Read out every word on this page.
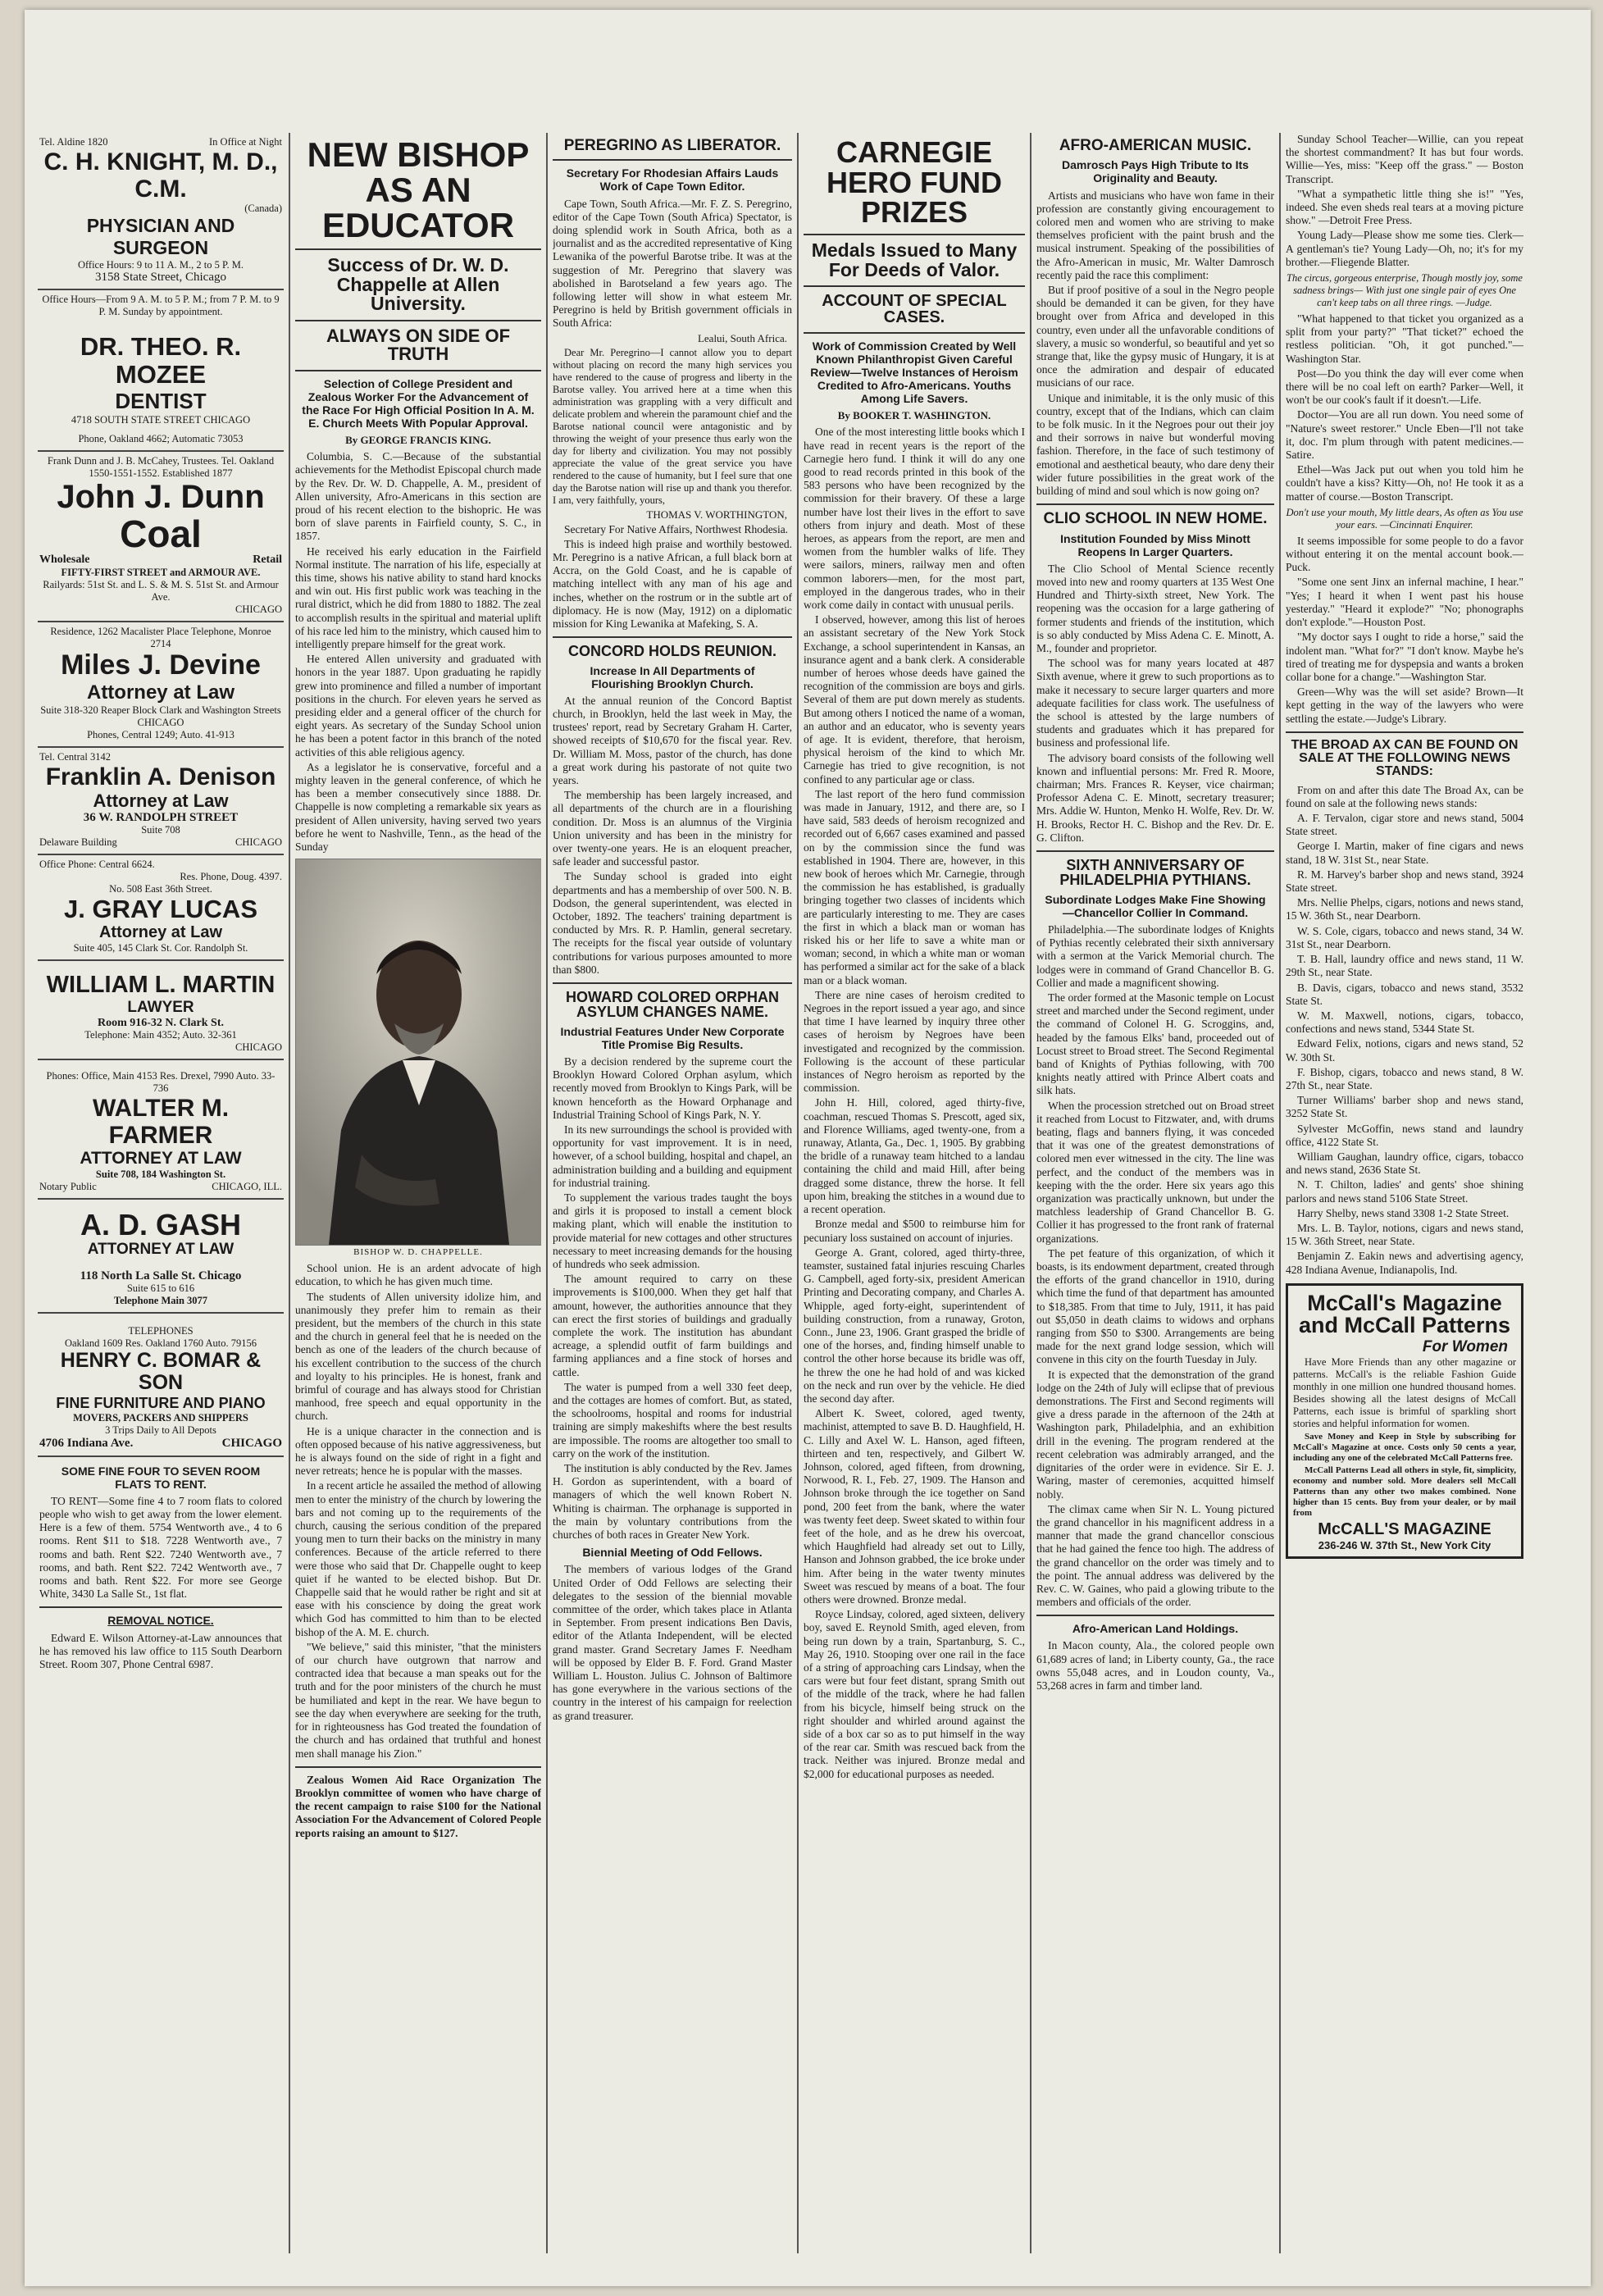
Tel. Aldine 1820	In Office at Night
C. H. KNIGHT, M. D., C.M.
(Canada)
PHYSICIAN AND SURGEON
Office Hours: 9 to 11 A. M., 2 to 5 P. M.
3158 State Street, Chicago
Office Hours—From 9 A. M. to 5 P. M.; from 7 P. M. to 9 P. M. Sunday by appointment.
DR. THEO. R. MOZEE
DENTIST
4718 SOUTH STATE STREET CHICAGO
Phone, Oakland 4662; Automatic 73053
Frank Dunn and J. B. McCahey, Trustees. Tel. Oakland 1550-1551-1552. Established 1877
John J. Dunn
Coal
Wholesale	Retail
FIFTY-FIRST STREET and ARMOUR AVE.
Railyards: 51st St. and L. S. & M. S. 51st St. and Armour Ave.
CHICAGO
Residence, 1262 Macalister Place Telephone, Monroe 2714
Miles J. Devine
Attorney at Law
Suite 318-320 Reaper Block Clark and Washington Streets CHICAGO
Phones, Central 1249; Auto. 41-913
Tel. Central 3142
Franklin A. Denison
Attorney at Law
36 W. RANDOLPH STREET
Suite 708
Delaware Building	CHICAGO
Office Phone: Central 6624.
Res. Phone, Doug. 4397.
No. 508 East 36th Street.
J. GRAY LUCAS
Attorney at Law
Suite 405, 145 Clark St. Cor. Randolph St.
WILLIAM L. MARTIN
LAWYER
Room 916-32 N. Clark St.
Telephone: Main 4352; Auto. 32-361
CHICAGO
Phones: Office, Main 4153 Res. Drexel, 7990 Auto. 33-736
WALTER M. FARMER
ATTORNEY AT LAW
Suite 708, 184 Washington St.
Notary Public	CHICAGO, ILL.
A. D. GASH
ATTORNEY AT LAW
118 North La Salle St. Chicago
Suite 615 to 616
Telephone Main 3077
TELEPHONES
Oakland 1609 Res. Oakland 1760 Auto. 79156
HENRY C. BOMAR & SON
FINE FURNITURE AND PIANO
MOVERS, PACKERS AND SHIPPERS
3 Trips Daily to All Depots
4706 Indiana Ave.	CHICAGO
SOME FINE FOUR TO SEVEN ROOM FLATS TO RENT.

TO RENT—Some fine 4 to 7 room flats to colored people who wish to get away from the lower element. Here is a few of them. 5754 Wentworth ave., 4 to 6 rooms. Rent $11 to $18. 7228 Wentworth ave., 7 rooms and bath. Rent $22. 7240 Wentworth ave., 7 rooms, and bath. Rent $22. 7242 Wentworth ave., 7 rooms and bath. Rent $22. For more see George White, 3430 La Salle St., 1st flat.

REMOVAL NOTICE.

Edward E. Wilson Attorney-at-Law announces that he has removed his law office to 115 South Dearborn Street. Room 307, Phone Central 6987.

NEW BISHOP AS AN EDUCATOR
Success of Dr. W. D. Chappelle at Allen University.
ALWAYS ON SIDE OF TRUTH
Selection of College President and Zealous Worker For the Advancement of the Race For High Official Position In A. M. E. Church Meets With Popular Approval.
By GEORGE FRANCIS KING.

Columbia, S. C.—Because of the substantial achievements for the Methodist Episcopal church made by the Rev. Dr. W. D. Chappelle, A. M., president of Allen university, Afro-Americans in this section are proud of his recent election to the bishopric. He was born of slave parents in Fairfield county, S. C., in 1857.

He received his early education in the Fairfield Normal institute. The narration of his life, especially at this time, shows his native ability to stand hard knocks and win out. His first public work was teaching in the rural district, which he did from 1880 to 1882. The zeal to accomplish results in the spiritual and material uplift of his race led him to the ministry, which caused him to intelligently prepare himself for the great work.

He entered Allen university and graduated with honors in the year 1887. Upon graduating he rapidly grew into prominence and filled a number of important positions in the church. For eleven years he served as presiding elder and a general officer of the church for eight years. As secretary of the Sunday School union he has been a potent factor in this branch of the noted activities of this able religious agency.

As a legislator he is conservative, forceful and a mighty leaven in the general conference, of which he has been a member consecutively since 1888. Dr. Chappelle is now completing a remarkable six years as president of Allen university, having served two years before he went to Nashville, Tenn., as the head of the Sunday

BISHOP W. D. CHAPPELLE.

School union. He is an ardent advocate of high education, to which he has given much time.

The students of Allen university idolize him, and unanimously they prefer him to remain as their president, but the members of the church in this state and the church in general feel that he is needed on the bench as one of the leaders of the church because of his excellent contribution to the success of the church and loyalty to his principles. He is honest, frank and brimful of courage and has always stood for Christian manhood, free speech and equal opportunity in the church.

He is a unique character in the connection and is often opposed because of his native aggressiveness, but he is always found on the side of right in a fight and never retreats; hence he is popular with the masses.

In a recent article he assailed the method of allowing men to enter the ministry of the church by lowering the bars and not coming up to the requirements of the church, causing the serious condition of the prepared young men to turn their backs on the ministry in many conferences. Because of the article referred to there were those who said that Dr. Chappelle ought to keep quiet if he wanted to be elected bishop. But Dr. Chappelle said that he would rather be right and sit at ease with his conscience by doing the great work which God has committed to him than to be elected bishop of the A. M. E. church.

"We believe," said this minister, "that the ministers of our church have outgrown that narrow and contracted idea that because a man speaks out for the truth and for the poor ministers of the church he must be humiliated and kept in the rear. We have begun to see the day when everywhere are seeking for the truth, for in righteousness has God treated the foundation of the church and has ordained that truthful and honest men shall manage his Zion."

Zealous Women Aid Race Organization The Brooklyn committee of women who have charge of the recent campaign to raise $100 for the National Association For the Advancement of Colored People reports raising an amount to $127.

PEREGRINO AS LIBERATOR.
Secretary For Rhodesian Affairs Lauds Work of Cape Town Editor.

Cape Town, South Africa.—Mr. F. Z. S. Peregrino, editor of the Cape Town (South Africa) Spectator, is doing splendid work in South Africa, both as a journalist and as the accredited representative of King Lewanika of the powerful Barotse tribe. It was at the suggestion of Mr. Peregrino that slavery was abolished in Barotseland a few years ago. The following letter will show in what esteem Mr. Peregrino is held by British government officials in South Africa:

Lealui, South Africa.

Dear Mr. Peregrino—I cannot allow you to depart without placing on record the many high services you have rendered to the cause of progress and liberty in the Barotse valley. You arrived here at a time when this administration was grappling with a very difficult and delicate problem and wherein the paramount chief and the Barotse national council were antagonistic and by throwing the weight of your presence thus early won the day for liberty and civilization. You may not possibly appreciate the value of the great service you have rendered to the cause of humanity, but I feel sure that one day the Barotse nation will rise up and thank you therefor. I am, very faithfully, yours,

THOMAS V. WORTHINGTON,

Secretary For Native Affairs, Northwest Rhodesia.

This is indeed high praise and worthily bestowed. Mr. Peregrino is a native African, a full black born at Accra, on the Gold Coast, and he is capable of matching intellect with any man of his age and inches, whether on the rostrum or in the subtle art of diplomacy. He is now (May, 1912) on a diplomatic mission for King Lewanika at Mafeking, S. A.

CONCORD HOLDS REUNION.
Increase In All Departments of Flourishing Brooklyn Church.

At the annual reunion of the Concord Baptist church, in Brooklyn, held the last week in May, the trustees' report, read by Secretary Graham H. Carter, showed receipts of $10,670 for the fiscal year. Rev. Dr. William M. Moss, pastor of the church, has done a great work during his pastorate of not quite two years.

The membership has been largely increased, and all departments of the church are in a flourishing condition. Dr. Moss is an alumnus of the Virginia Union university and has been in the ministry for over twenty-one years. He is an eloquent preacher, safe leader and successful pastor.

The Sunday school is graded into eight departments and has a membership of over 500. N. B. Dodson, the general superintendent, was elected in October, 1892. The teachers' training department is conducted by Mrs. R. P. Hamlin, general secretary. The receipts for the fiscal year outside of voluntary contributions for various purposes amounted to more than $800.

HOWARD COLORED ORPHAN ASYLUM CHANGES NAME.
Industrial Features Under New Corporate Title Promise Big Results.

By a decision rendered by the supreme court the Brooklyn Howard Colored Orphan asylum, which recently moved from Brooklyn to Kings Park, will be known henceforth as the Howard Orphanage and Industrial Training School of Kings Park, N. Y.

In its new surroundings the school is provided with opportunity for vast improvement. It is in need, however, of a school building, hospital and chapel, an administration building and a building and equipment for industrial training.

To supplement the various trades taught the boys and girls it is proposed to install a cement block making plant, which will enable the institution to provide material for new cottages and other structures necessary to meet increasing demands for the housing of hundreds who seek admission.

The amount required to carry on these improvements is $100,000. When they get half that amount, however, the authorities announce that they can erect the first stories of buildings and gradually complete the work. The institution has abundant acreage, a splendid outfit of farm buildings and farming appliances and a fine stock of horses and cattle.

The water is pumped from a well 330 feet deep, and the cottages are homes of comfort. But, as stated, the schoolrooms, hospital and rooms for industrial training are simply makeshifts where the best results are impossible. The rooms are altogether too small to carry on the work of the institution.

The institution is ably conducted by the Rev. James H. Gordon as superintendent, with a board of managers of which the well known Robert N. Whiting is chairman. The orphanage is supported in the main by voluntary contributions from the churches of both races in Greater New York.

Biennial Meeting of Odd Fellows.

The members of various lodges of the Grand United Order of Odd Fellows are selecting their delegates to the session of the biennial movable committee of the order, which takes place in Atlanta in September. From present indications Ben Davis, editor of the Atlanta Independent, will be elected grand master. Grand Secretary James F. Needham will be opposed by Elder B. F. Ford. Grand Master William L. Houston. Julius C. Johnson of Baltimore has gone everywhere in the various sections of the country in the interest of his campaign for reelection as grand treasurer.

CARNEGIE HERO FUND PRIZES
Medals Issued to Many For Deeds of Valor.
ACCOUNT OF SPECIAL CASES.
Work of Commission Created by Well Known Philanthropist Given Careful Review—Twelve Instances of Heroism Credited to Afro-Americans. Youths Among Life Savers.
By BOOKER T. WASHINGTON.

One of the most interesting little books which I have read in recent years is the report of the Carnegie hero fund. I think it will do any one good to read records printed in this book of the 583 persons who have been recognized by the commission for their bravery. Of these a large number have lost their lives in the effort to save others from injury and death. Most of these heroes, as appears from the report, are men and women from the humbler walks of life. They were sailors, miners, railway men and often common laborers—men, for the most part, employed in the dangerous trades, who in their work come daily in contact with unusual perils.

I observed, however, among this list of heroes an assistant secretary of the New York Stock Exchange, a school superintendent in Kansas, an insurance agent and a bank clerk. A considerable number of heroes whose deeds have gained the recognition of the commission are boys and girls. Several of them are put down merely as students. But among others I noticed the name of a woman, an author and an educator, who is seventy years of age. It is evident, therefore, that heroism, physical heroism of the kind to which Mr. Carnegie has tried to give recognition, is not confined to any particular age or class.

The last report of the hero fund commission was made in January, 1912, and there are, so I have said, 583 deeds of heroism recognized and recorded out of 6,667 cases examined and passed on by the commission since the fund was established in 1904. There are, however, in this new book of heroes which Mr. Carnegie, through the commission he has established, is gradually bringing together two classes of incidents which are particularly interesting to me. They are cases the first in which a black man or woman has risked his or her life to save a white man or woman; second, in which a white man or woman has performed a similar act for the sake of a black man or a black woman.

There are nine cases of heroism credited to Negroes in the report issued a year ago, and since that time I have learned by inquiry three other cases of heroism by Negroes have been investigated and recognized by the commission. Following is the account of these particular instances of Negro heroism as reported by the commission.

John H. Hill, colored, aged thirty-five, coachman, rescued Thomas S. Prescott, aged six, and Florence Williams, aged twenty-one, from a runaway, Atlanta, Ga., Dec. 1, 1905. By grabbing the bridle of a runaway team hitched to a landau containing the child and maid Hill, after being dragged some distance, threw the horse. It fell upon him, breaking the stitches in a wound due to a recent operation.

Bronze medal and $500 to reimburse him for pecuniary loss sustained on account of injuries.

George A. Grant, colored, aged thirty-three, teamster, sustained fatal injuries rescuing Charles G. Campbell, aged forty-six, president American Printing and Decorating company, and Charles A. Whipple, aged forty-eight, superintendent of building construction, from a runaway, Groton, Conn., June 23, 1906. Grant grasped the bridle of one of the horses, and, finding himself unable to control the other horse because its bridle was off, he threw the one he had hold of and was kicked on the neck and run over by the vehicle. He died the second day after.

Albert K. Sweet, colored, aged twenty, machinist, attempted to save B. D. Haughfield, H. C. Lilly and Axel W. L. Hanson, aged fifteen, thirteen and ten, respectively, and Gilbert W. Johnson, colored, aged fifteen, from drowning, Norwood, R. I., Feb. 27, 1909. The Hanson and Johnson broke through the ice together on Sand pond, 200 feet from the bank, where the water was twenty feet deep. Sweet skated to within four feet of the hole, and as he drew his overcoat, which Haughfield had already set out to Lilly, Hanson and Johnson grabbed, the ice broke under him. After being in the water twenty minutes Sweet was rescued by means of a boat. The four others were drowned. Bronze medal.

Royce Lindsay, colored, aged sixteen, delivery boy, saved E. Reynold Smith, aged eleven, from being run down by a train, Spartanburg, S. C., May 26, 1910. Stooping over one rail in the face of a string of approaching cars Lindsay, when the cars were but four feet distant, sprang Smith out of the middle of the track, where he had fallen from his bicycle, himself being struck on the right shoulder and whirled around against the side of a box car so as to put himself in the way of the rear car. Smith was rescued back from the track. Neither was injured. Bronze medal and $2,000 for educational purposes as needed.

AFRO-AMERICAN MUSIC.
Damrosch Pays High Tribute to Its Originality and Beauty.

Artists and musicians who have won fame in their profession are constantly giving encouragement to colored men and women who are striving to make themselves proficient with the paint brush and the musical instrument. Speaking of the possibilities of the Afro-American in music, Mr. Walter Damrosch recently paid the race this compliment:

But if proof positive of a soul in the Negro people should be demanded it can be given, for they have brought over from Africa and developed in this country, even under all the unfavorable conditions of slavery, a music so wonderful, so beautiful and yet so strange that, like the gypsy music of Hungary, it is at once the admiration and despair of educated musicians of our race.

Unique and inimitable, it is the only music of this country, except that of the Indians, which can claim to be folk music. In it the Negroes pour out their joy and their sorrows in naive but wonderful moving fashion. Therefore, in the face of such testimony of emotional and aesthetical beauty, who dare deny their wider future possibilities in the great work of the building of mind and soul which is now going on?

CLIO SCHOOL IN NEW HOME.
Institution Founded by Miss Minott Reopens In Larger Quarters.

The Clio School of Mental Science recently moved into new and roomy quarters at 135 West One Hundred and Thirty-sixth street, New York. The reopening was the occasion for a large gathering of former students and friends of the institution, which is so ably conducted by Miss Adena C. E. Minott, A. M., founder and proprietor.

The school was for many years located at 487 Sixth avenue, where it grew to such proportions as to make it necessary to secure larger quarters and more adequate facilities for class work. The usefulness of the school is attested by the large numbers of students and graduates which it has prepared for business and professional life.

The advisory board consists of the following well known and influential persons: Mr. Fred R. Moore, chairman; Mrs. Frances R. Keyser, vice chairman; Professor Adena C. E. Minott, secretary treasurer; Mrs. Addie W. Hunton, Menko H. Wolfe, Rev. Dr. W. H. Brooks, Rector H. C. Bishop and the Rev. Dr. E. G. Clifton.

SIXTH ANNIVERSARY OF PHILADELPHIA PYTHIANS.
Subordinate Lodges Make Fine Showing—Chancellor Collier In Command.

Philadelphia.—The subordinate lodges of Knights of Pythias recently celebrated their sixth anniversary with a sermon at the Varick Memorial church. The lodges were in command of Grand Chancellor B. G. Collier and made a magnificent showing.

The order formed at the Masonic temple on Locust street and marched under the Second regiment, under the command of Colonel H. G. Scroggins, and, headed by the famous Elks' band, proceeded out of Locust street to Broad street. The Second Regimental band of Knights of Pythias following, with 700 knights neatly attired with Prince Albert coats and silk hats.

When the procession stretched out on Broad street it reached from Locust to Fitzwater, and, with drums beating, flags and banners flying, it was conceded that it was one of the greatest demonstrations of colored men ever witnessed in the city. The line was perfect, and the conduct of the members was in keeping with the the order. Here six years ago this organization was practically unknown, but under the matchless leadership of Grand Chancellor B. G. Collier it has progressed to the front rank of fraternal organizations.

The pet feature of this organization, of which it boasts, is its endowment department, created through the efforts of the grand chancellor in 1910, during which time the fund of that department has amounted to $18,385. From that time to July, 1911, it has paid out $5,050 in death claims to widows and orphans ranging from $50 to $300. Arrangements are being made for the next grand lodge session, which will convene in this city on the fourth Tuesday in July.

It is expected that the demonstration of the grand lodge on the 24th of July will eclipse that of previous demonstrations. The First and Second regiments will give a dress parade in the afternoon of the 24th at Washington park, Philadelphia, and an exhibition drill in the evening. The program rendered at the recent celebration was admirably arranged, and the dignitaries of the order were in evidence. Sir E. J. Waring, master of ceremonies, acquitted himself nobly.

The climax came when Sir N. L. Young pictured the grand chancellor in his magnificent address in a manner that made the grand chancellor conscious that he had gained the fence too high. The address of the grand chancellor on the order was timely and to the point. The annual address was delivered by the Rev. C. W. Gaines, who paid a glowing tribute to the members and officials of the order.

Afro-American Land Holdings.

In Macon county, Ala., the colored people own 61,689 acres of land; in Liberty county, Ga., the race owns 55,048 acres, and in Loudon county, Va., 53,268 acres in farm and timber land.

Sunday School Teacher—Willie, can you repeat the shortest commandment? It has but four words. Willie—Yes, miss: "Keep off the grass." — Boston Transcript.

"What a sympathetic little thing she is!" "Yes, indeed. She even sheds real tears at a moving picture show." —Detroit Free Press.

Young Lady—Please show me some ties. Clerk—A gentleman's tie? Young Lady—Oh, no; it's for my brother.—Fliegende Blatter.

The circus, gorgeous enterprise, Though mostly joy, some sadness brings— With just one single pair of eyes One can't keep tabs on all three rings. —Judge.

"What happened to that ticket you organized as a split from your party?" "That ticket?" echoed the restless politician. "Oh, it got punched."—Washington Star.

Post—Do you think the day will ever come when there will be no coal left on earth? Parker—Well, it won't be our cook's fault if it doesn't.—Life.

Doctor—You are all run down. You need some of "Nature's sweet restorer." Uncle Eben—I'll not take it, doc. I'm plum through with patent medicines.—Satire.

Ethel—Was Jack put out when you told him he couldn't have a kiss? Kitty—Oh, no! He took it as a matter of course.—Boston Transcript.

Don't use your mouth, My little dears, As often as You use your ears. —Cincinnati Enquirer.

It seems impossible for some people to do a favor without entering it on the mental account book.—Puck.

"Some one sent Jinx an infernal machine, I hear." "Yes; I heard it when I went past his house yesterday." "Heard it explode?" "No; phonographs don't explode."—Houston Post.

"My doctor says I ought to ride a horse," said the indolent man. "What for?" "I don't know. Maybe he's tired of treating me for dyspepsia and wants a broken collar bone for a change."—Washington Star.

Green—Why was the will set aside? Brown—It kept getting in the way of the lawyers who were settling the estate.—Judge's Library.

THE BROAD AX CAN BE FOUND ON SALE AT THE FOLLOWING NEWS STANDS:

From on and after this date The Broad Ax, can be found on sale at the following news stands:

A. F. Tervalon, cigar store and news stand, 5004 State street.

George I. Martin, maker of fine cigars and news stand, 18 W. 31st St., near State.

R. M. Harvey's barber shop and news stand, 3924 State street.

Mrs. Nellie Phelps, cigars, notions and news stand, 15 W. 36th St., near Dearborn.

W. S. Cole, cigars, tobacco and news stand, 34 W. 31st St., near Dearborn.

T. B. Hall, laundry office and news stand, 11 W. 29th St., near State.

B. Davis, cigars, tobacco and news stand, 3532 State St.

W. M. Maxwell, notions, cigars, tobacco, confections and news stand, 5344 State St.

Edward Felix, notions, cigars and news stand, 52 W. 30th St.

F. Bishop, cigars, tobacco and news stand, 8 W. 27th St., near State.

Turner Williams' barber shop and news stand, 3252 State St.

Sylvester McGoffin, news stand and laundry office, 4122 State St.

William Gaughan, laundry office, cigars, tobacco and news stand, 2636 State St.

N. T. Chilton, ladies' and gents' shoe shining parlors and news stand 5106 State Street.

Harry Shelby, news stand 3308 1-2 State Street.

Mrs. L. B. Taylor, notions, cigars and news stand, 15 W. 36th Street, near State.

Benjamin Z. Eakin news and advertising agency, 428 Indiana Avenue, Indianapolis, Ind.

McCall's Magazine and McCall Patterns
For Women

Have More Friends than any other magazine or patterns. McCall's is the reliable Fashion Guide monthly in one million one hundred thousand homes. Besides showing all the latest designs of McCall Patterns, each issue is brimful of sparkling short stories and helpful information for women.

Save Money and Keep in Style by subscribing for McCall's Magazine at once. Costs only 50 cents a year, including any one of the celebrated McCall Patterns free.

McCall Patterns Lead all others in style, fit, simplicity, economy and number sold. More dealers sell McCall Patterns than any other two makes combined. None higher than 15 cents. Buy from your dealer, or by mail from

McCALL'S MAGAZINE
236-246 W. 37th St., New York City
